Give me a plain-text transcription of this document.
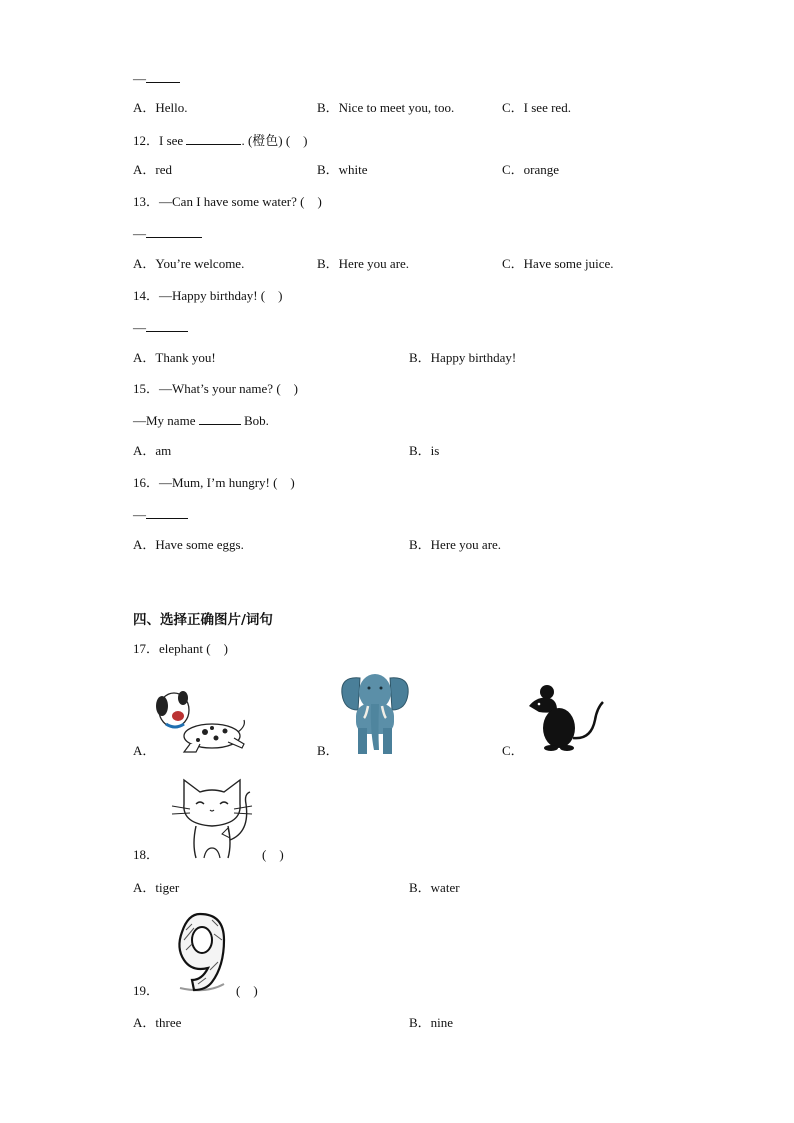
—
A．Hello.	B．Nice to meet you, too.	C．I see red.
12．I see	. (橙色) (　)
A．red	B．white	C．orange
13．—Can I have some water? (　)
—
A．You’re welcome.	B．Here you are.	C．Have some juice.
14．—Happy birthday! (　)
—
A．Thank you!	B．Happy birthday!
15．—What’s your name? (　)
—My name	Bob.
A．am	B．is
16．—Mum, I’m hungry! (　)
—
A．Have some eggs.	B．Here you are.
四、选择正确图片/词句
17．elephant (　)
A．	B．	C．
18．	(　)
A．tiger	B．water
19．	(　)
A．three	B．nine
